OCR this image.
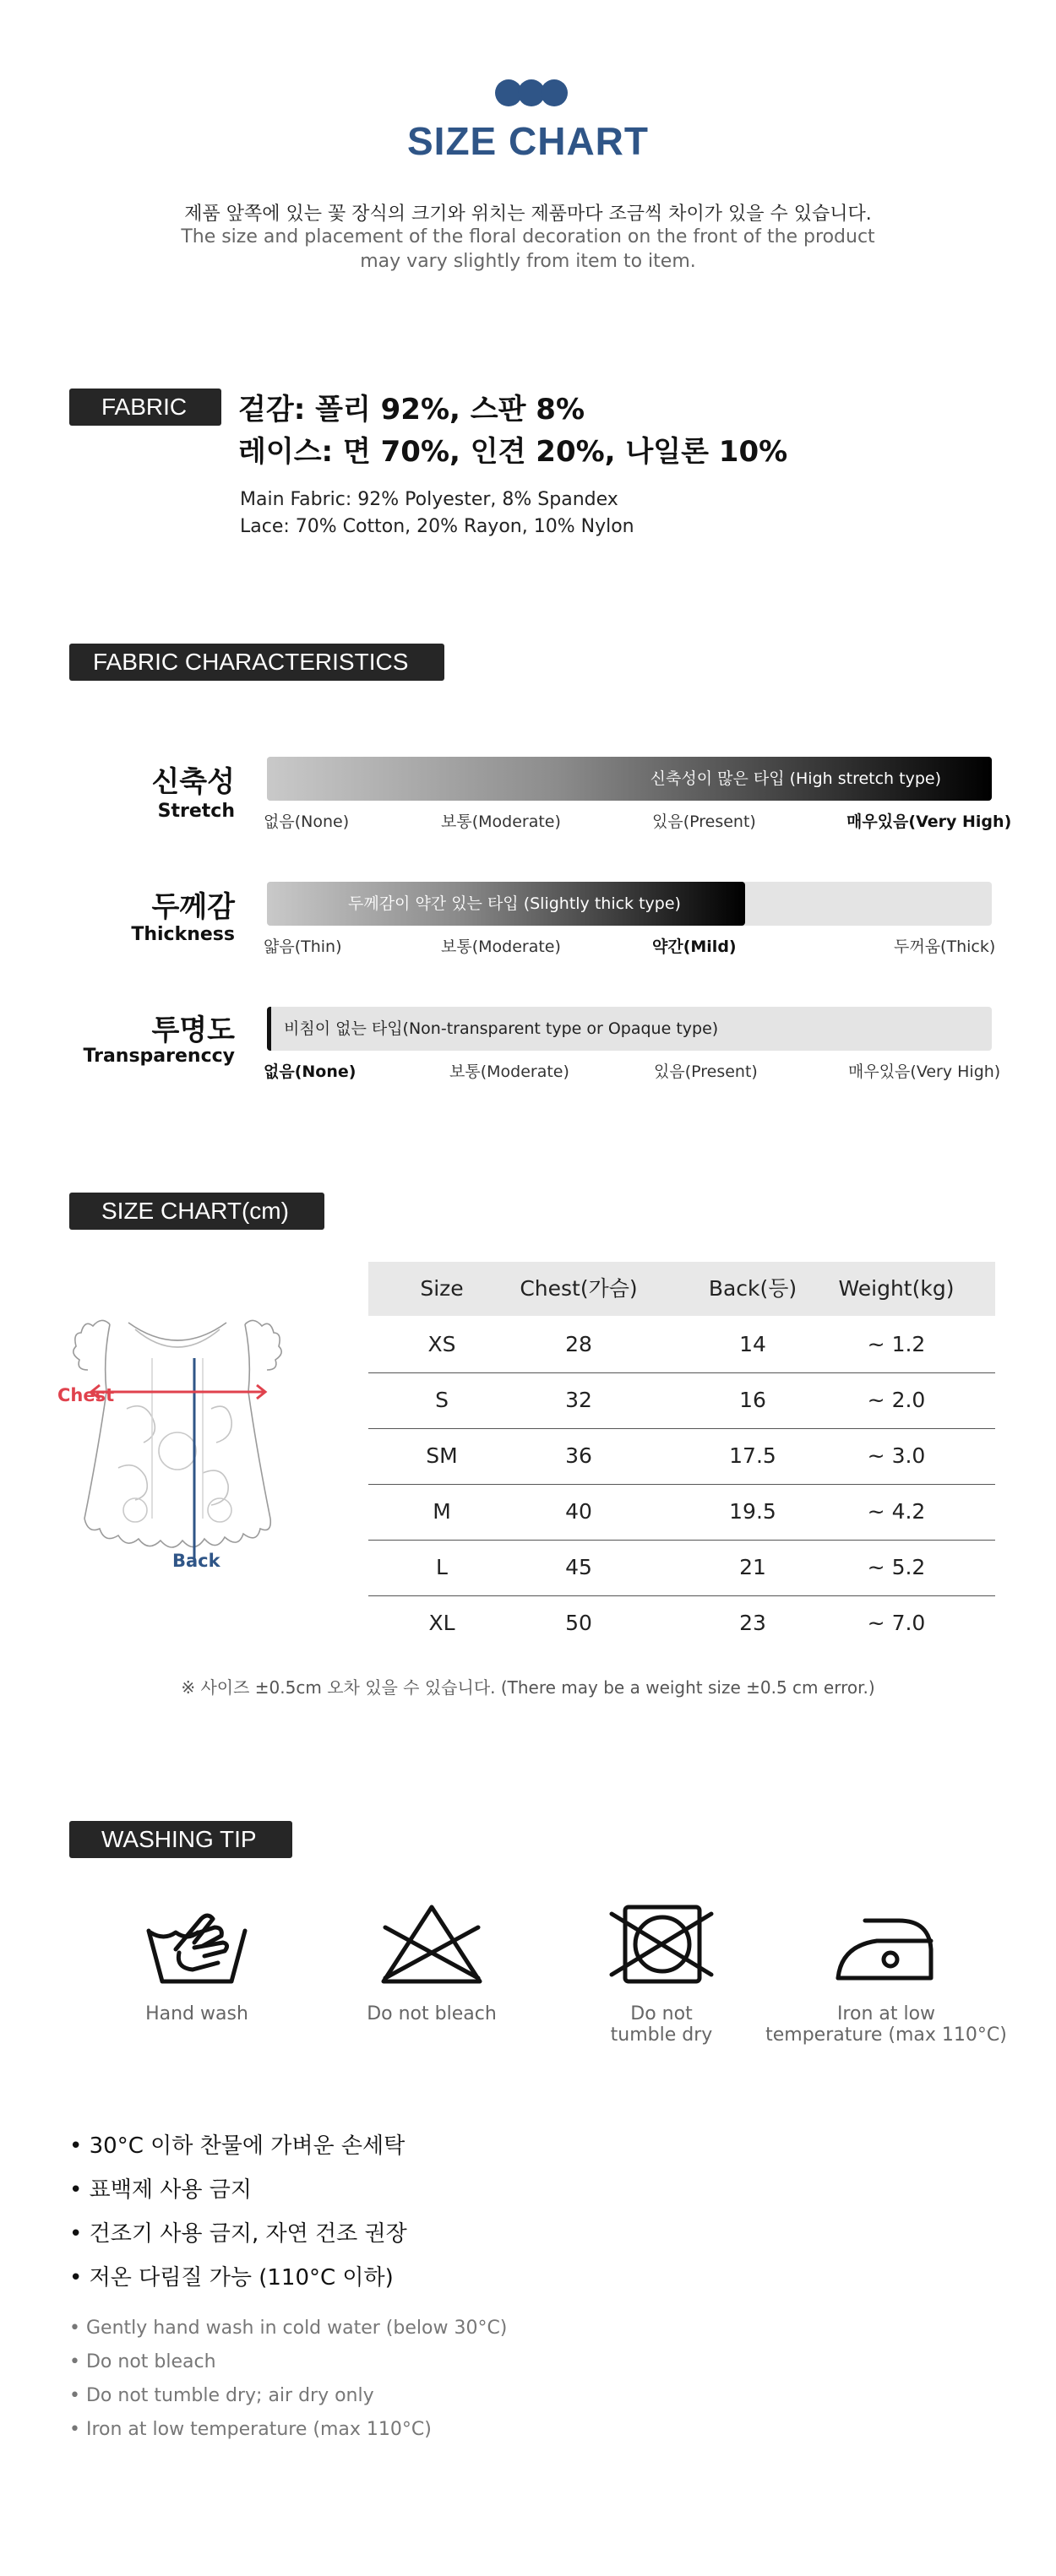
SIZE CHART
제품 앞쪽에 있는 꽃 장식의 크기와 위치는 제품마다 조금씩 차이가 있을 수 있습니다.
The size and placement of the floral decoration on the front of the product
may vary slightly from item to item.
FABRIC	겉감: 폴리 92%, 스판 8%
레이스: 면 70%, 인견 20%, 나일론 10%
Main Fabric: 92% Polyester, 8% Spandex
Lace: 70% Cotton, 20% Rayon, 10% Nylon
FABRIC CHARACTERISTICS
신축성
Stretch
신축성이 많은 타입 (High stretch type)
없음(None)	보통(Moderate)	있음(Present)	매우있음(Very High)
두께감
Thickness
두께감이 약간 있는 타입 (Slightly thick type)
얇음(Thin)	보통(Moderate)	약간(Mild)	두꺼움(Thick)
투명도
Transparenccy
비침이 없는 타입(Non-transparent type or Opaque type)
없음(None)	보통(Moderate)	있음(Present)	매우있음(Very High)
SIZE CHART(cm)
Chest
Back
Size	Chest(가슴)	Back(등)	Weight(kg)
XS	28	14	~ 1.2
S	32	16	~ 2.0
SM	36	17.5	~ 3.0
M	40	19.5	~ 4.2
L	45	21	~ 5.2
XL	50	23	~ 7.0
※ 사이즈 ±0.5cm 오차 있을 수 있습니다. (There may be a weight size ±0.5 cm error.)
WASHING TIP
Hand wash	Do not bleach	Do not
tumble dry
Iron at low
temperature (max 110°C)
• 30°C 이하 찬물에 가벼운 손세탁
• 표백제 사용 금지
• 건조기 사용 금지, 자연 건조 권장
• 저온 다림질 가능 (110°C 이하)
• Gently hand wash in cold water (below 30°C)
• Do not bleach
• Do not tumble dry; air dry only
• Iron at low temperature (max 110°C)
